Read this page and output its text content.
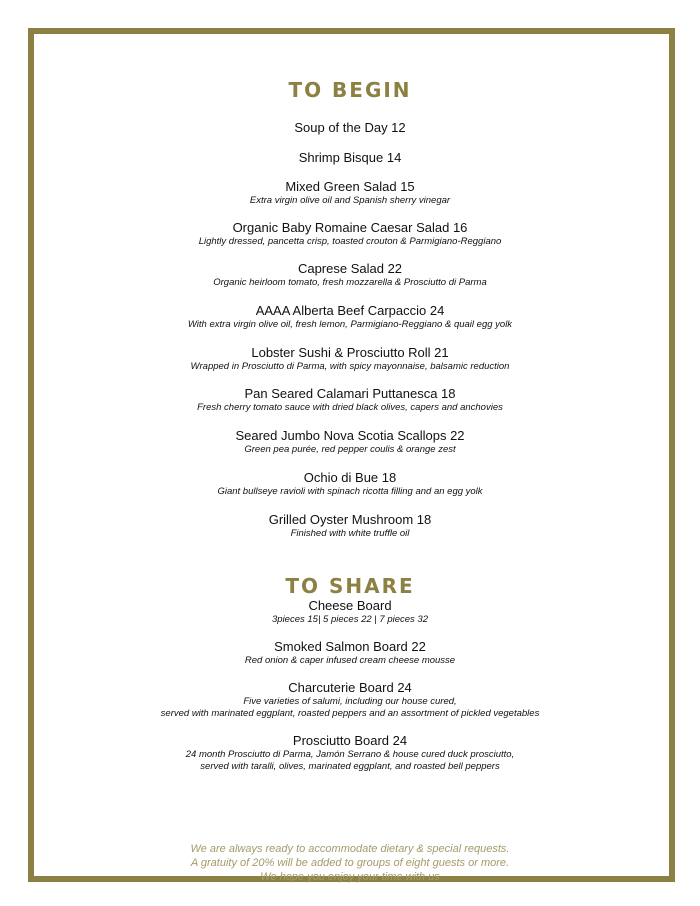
TO BEGIN
Soup of the Day 12
Shrimp Bisque 14
Mixed Green Salad 15
Extra virgin olive oil and Spanish sherry vinegar
Organic Baby Romaine Caesar Salad 16
Lightly dressed, pancetta crisp, toasted crouton & Parmigiano-Reggiano
Caprese Salad 22
Organic heirloom tomato, fresh mozzarella & Prosciutto di Parma
AAAA Alberta Beef Carpaccio 24
With extra virgin olive oil, fresh lemon, Parmigiano-Reggiano & quail egg yolk
Lobster Sushi & Prosciutto Roll 21
Wrapped in Prosciutto di Parma, with spicy mayonnaise, balsamic reduction
Pan Seared Calamari Puttanesca 18
Fresh cherry tomato sauce with dried black olives, capers and anchovies
Seared Jumbo Nova Scotia Scallops 22
Green pea purée, red pepper coulis & orange zest
Ochio di Bue 18
Giant bullseye ravioli with spinach ricotta filling and an egg yolk
Grilled Oyster Mushroom 18
Finished with white truffle oil
TO SHARE
Cheese Board
3pieces 15| 5 pieces 22 | 7 pieces 32
Smoked Salmon Board 22
Red onion & caper infused cream cheese mousse
Charcuterie Board 24
Five varieties of salumi, including our house cured,
served with marinated eggplant, roasted peppers and an assortment of pickled vegetables
Prosciutto Board 24
24 month Prosciutto di Parma, Jamón Serrano & house cured duck prosciutto,
served with taralli, olives, marinated eggplant, and roasted bell peppers
We are always ready to accommodate dietary & special requests.
A gratuity of 20% will be added to groups of eight guests or more.
We hope you enjoy your time with us
